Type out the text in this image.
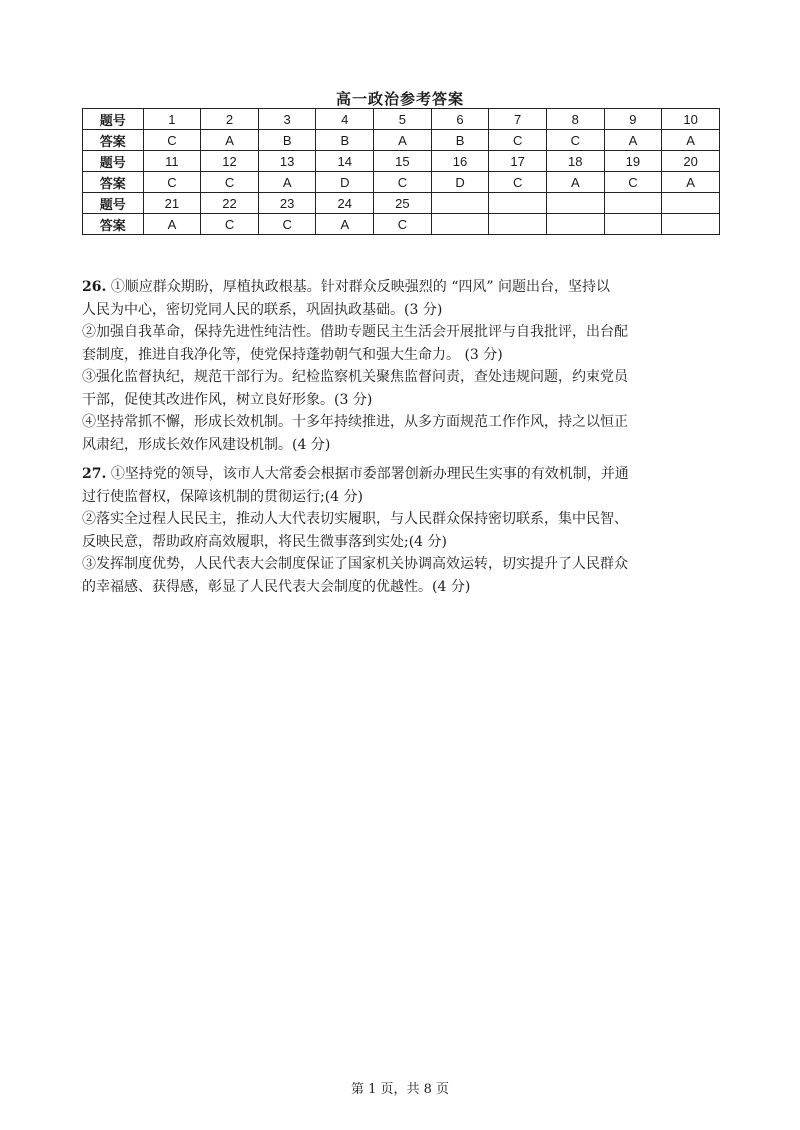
高一政治参考答案
题号	1	2	3	4	5	6	7	8	9	10
答案	C	A	B	B	A	B	C	C	A	A
题号	11	12	13	14	15	16	17	18	19	20
答案	C	C	A	D	C	D	C	A	C	A
题号	21	22	23	24	25					
答案	A	C	C	A	C					

26. ①顺应群众期盼，厚植执政根基。针对群众反映强烈的 “四风” 问题出台，坚持以

人民为中心，密切党同人民的联系，巩固执政基础。(3 分)

②加强自我革命，保持先进性纯洁性。借助专题民主生活会开展批评与自我批评，出台配

套制度，推进自我净化等，使党保持蓬勃朝气和强大生命力。 (3 分)

③强化监督执纪，规范干部行为。纪检监察机关聚焦监督问责，查处违规问题，约束党员

干部，促使其改进作风，树立良好形象。(3 分)

④坚持常抓不懈，形成长效机制。十多年持续推进，从多方面规范工作作风，持之以恒正

风肃纪，形成长效作风建设机制。(4 分)

27. ①坚持党的领导，该市人大常委会根据市委部署创新办理民生实事的有效机制，并通

过行使监督权，保障该机制的贯彻运行;(4 分)

②落实全过程人民民主，推动人大代表切实履职，与人民群众保持密切联系，集中民智、

反映民意，帮助政府高效履职，将民生微事落到实处;(4 分)

③发挥制度优势，人民代表大会制度保证了国家机关协调高效运转，切实提升了人民群众

的幸福感、获得感，彰显了人民代表大会制度的优越性。(4 分)

第 1 页，共 8 页
